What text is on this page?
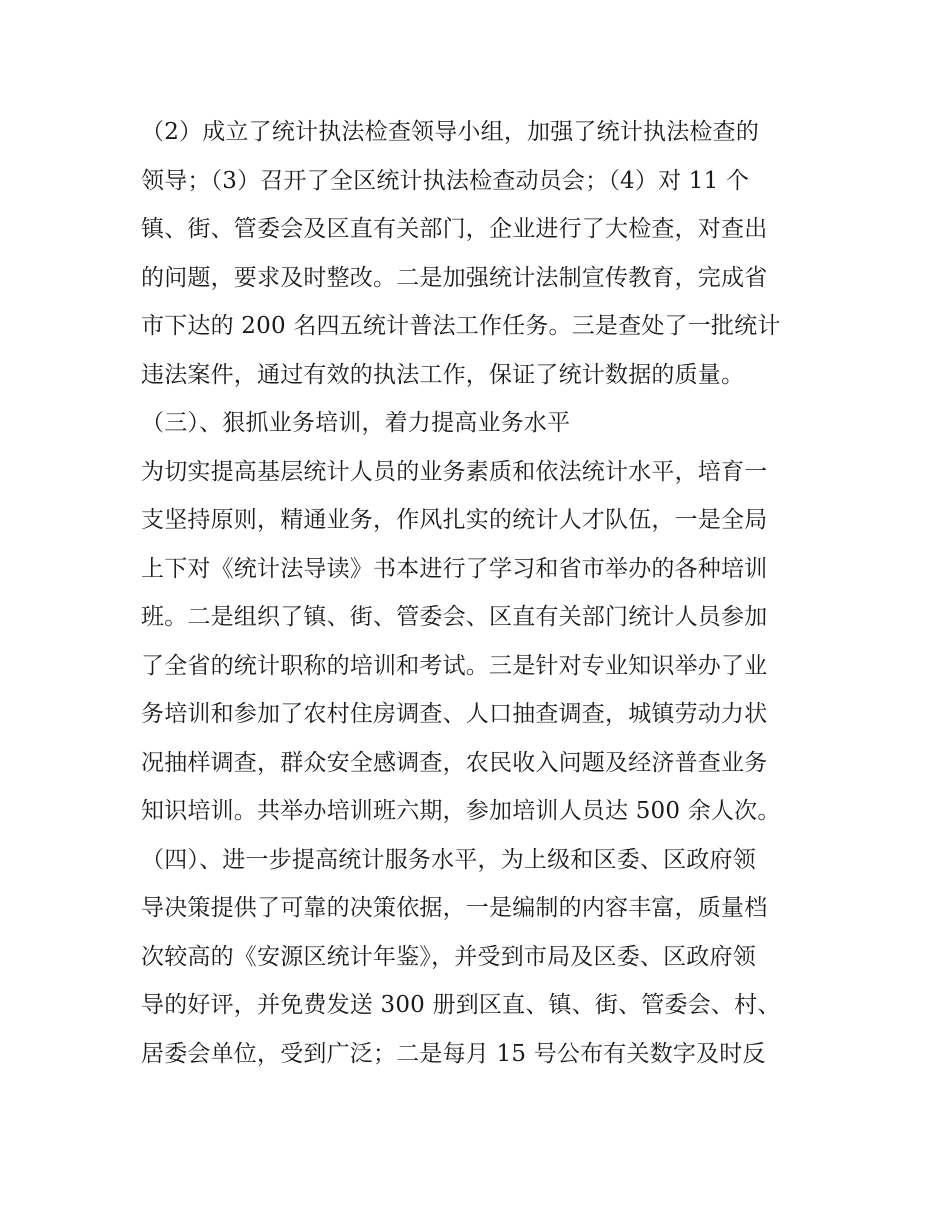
（2）成立了统计执法检查领导小组，加强了统计执法检查的
领导；（3）召开了全区统计执法检查动员会；（4）对 11 个
镇、街、管委会及区直有关部门，企业进行了大检查，对查出
的问题，要求及时整改。二是加强统计法制宣传教育，完成省
市下达的 200 名四五统计普法工作任务。三是查处了一批统计
违法案件，通过有效的执法工作，保证了统计数据的质量。
（三）、狠抓业务培训，着力提高业务水平
为切实提高基层统计人员的业务素质和依法统计水平，培育一
支坚持原则，精通业务，作风扎实的统计人才队伍，一是全局
上下对《统计法导读》书本进行了学习和省市举办的各种培训
班。二是组织了镇、街、管委会、区直有关部门统计人员参加
了全省的统计职称的培训和考试。三是针对专业知识举办了业
务培训和参加了农村住房调查、人口抽查调查，城镇劳动力状
况抽样调查，群众安全感调查，农民收入问题及经济普查业务
知识培训。共举办培训班六期，参加培训人员达 500 余人次。
（四）、进一步提高统计服务水平，为上级和区委、区政府领
导决策提供了可靠的决策依据，一是编制的内容丰富，质量档
次较高的《安源区统计年鉴》，并受到市局及区委、区政府领
导的好评，并免费发送 300 册到区直、镇、街、管委会、村、
居委会单位，受到广泛；二是每月 15 号公布有关数字及时反
